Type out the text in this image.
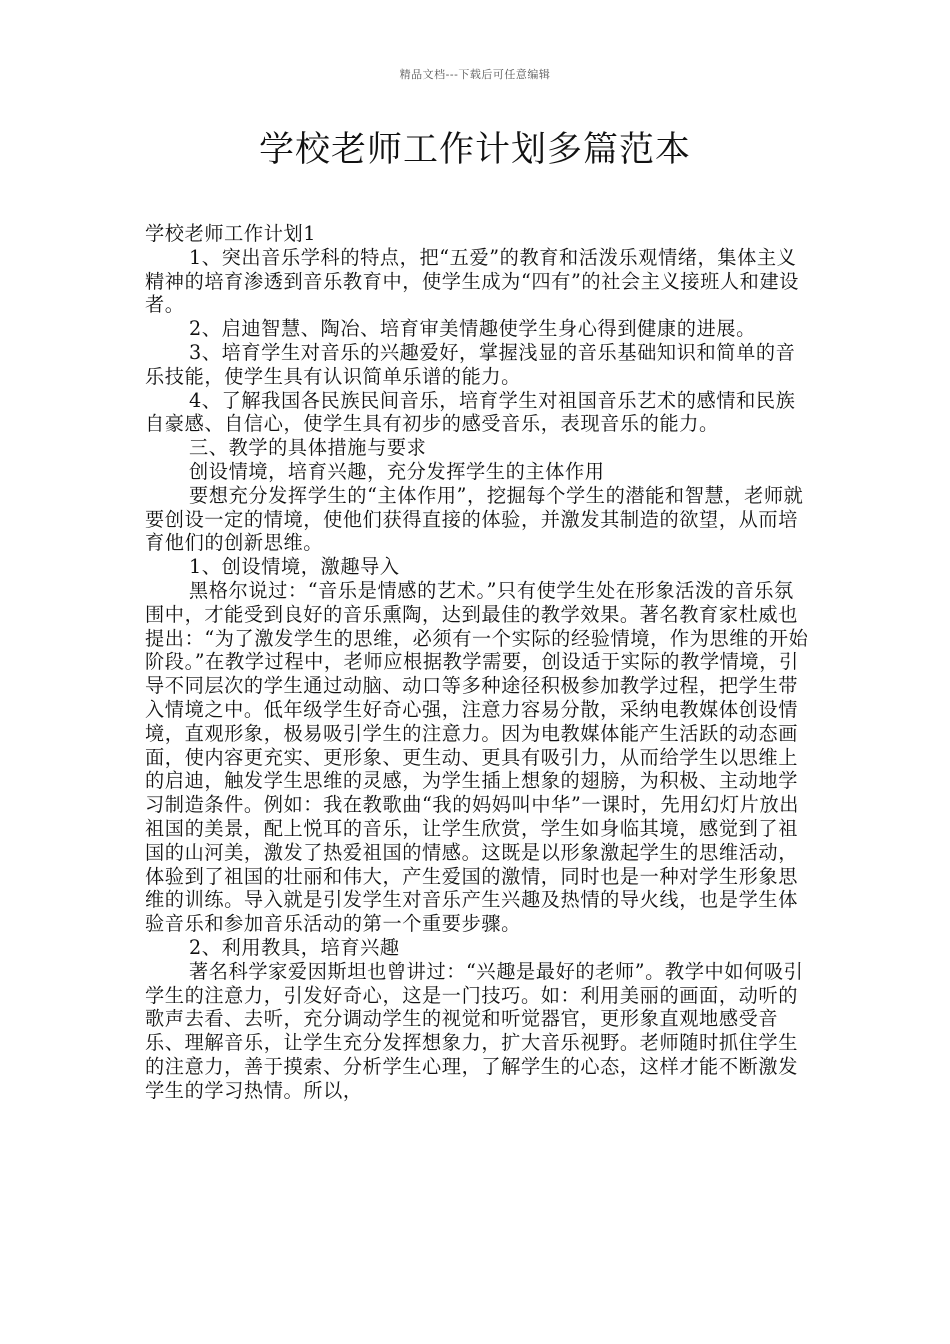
精品文档---下载后可任意编辑
学校老师工作计划多篇范本

学校老师工作计划1

1、突出音乐学科的特点，把“五爱”的教育和活泼乐观情绪，集体主义精神的培育渗透到音乐教育中，使学生成为“四有”的社会主义接班人和建设者。

2、启迪智慧、陶冶、培育审美情趣使学生身心得到健康的进展。

3、培育学生对音乐的兴趣爱好，掌握浅显的音乐基础知识和简单的音乐技能，使学生具有认识简单乐谱的能力。

4、了解我国各民族民间音乐，培育学生对祖国音乐艺术的感情和民族自豪感、自信心，使学生具有初步的感受音乐，表现音乐的能力。

三、教学的具体措施与要求

创设情境，培育兴趣，充分发挥学生的主体作用

要想充分发挥学生的“主体作用”，挖掘每个学生的潜能和智慧，老师就要创设一定的情境，使他们获得直接的体验，并激发其制造的欲望，从而培育他们的创新思维。

1、创设情境，激趣导入

黑格尔说过：“音乐是情感的艺术。”只有使学生处在形象活泼的音乐氛围中，才能受到良好的音乐熏陶，达到最佳的教学效果。著名教育家杜威也提出：“为了激发学生的思维，必须有一个实际的经验情境，作为思维的开始阶段。”在教学过程中，老师应根据教学需要，创设适于实际的教学情境，引导不同层次的学生通过动脑、动口等多种途径积极参加教学过程，把学生带入情境之中。低年级学生好奇心强，注意力容易分散，采纳电教媒体创设情境，直观形象，极易吸引学生的注意力。因为电教媒体能产生活跃的动态画面，使内容更充实、更形象、更生动、更具有吸引力，从而给学生以思维上的启迪，触发学生思维的灵感，为学生插上想象的翅膀，为积极、主动地学习制造条件。例如：我在教歌曲“我的妈妈叫中华”一课时，先用幻灯片放出祖国的美景，配上悦耳的音乐，让学生欣赏，学生如身临其境，感觉到了祖国的山河美，激发了热爱祖国的情感。这既是以形象激起学生的思维活动，体验到了祖国的壮丽和伟大，产生爱国的激情，同时也是一种对学生形象思维的训练。导入就是引发学生对音乐产生兴趣及热情的导火线，也是学生体验音乐和参加音乐活动的第一个重要步骤。

2、利用教具，培育兴趣

著名科学家爱因斯坦也曾讲过：“兴趣是最好的老师”。教学中如何吸引学生的注意力，引发好奇心，这是一门技巧。如：利用美丽的画面，动听的歌声去看、去听，充分调动学生的视觉和听觉器官，更形象直观地感受音乐、理解音乐，让学生充分发挥想象力，扩大音乐视野。老师随时抓住学生的注意力，善于摸索、分析学生心理，了解学生的心态，这样才能不断激发学生的学习热情。所以，
